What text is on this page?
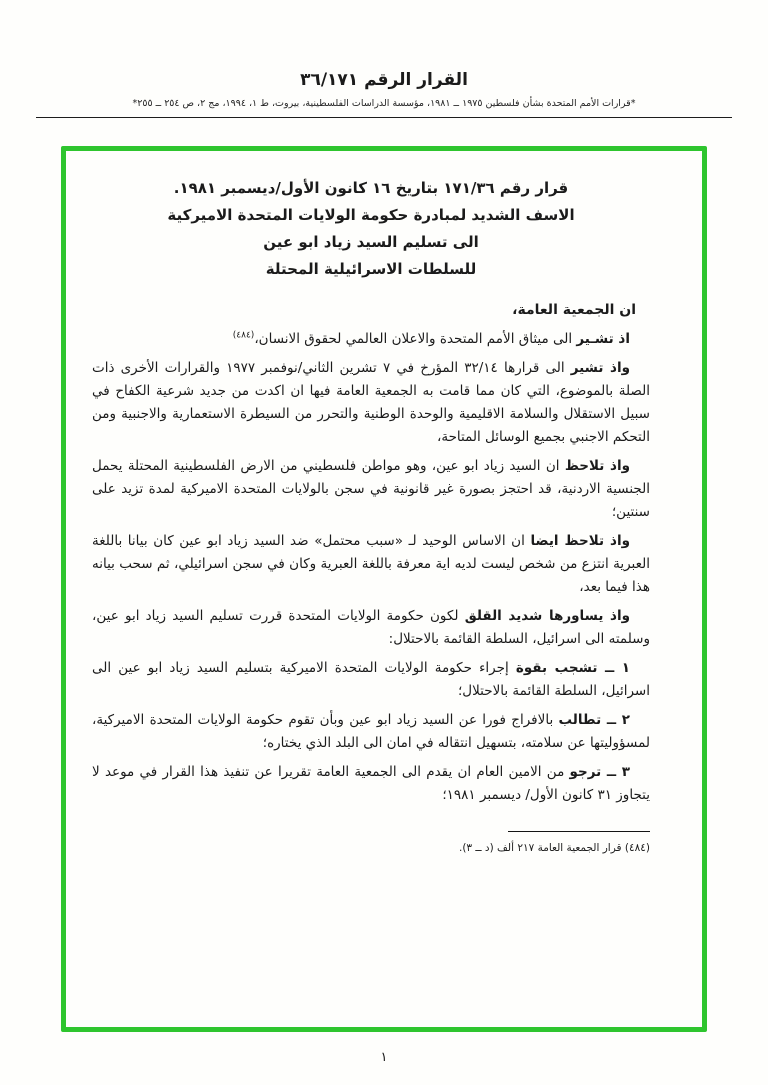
القرار الرقم ٣٦/١٧١
*قرارات الأمم المتحدة بشأن فلسطين ١٩٧٥ ــ ١٩٨١، مؤسسة الدراسات الفلسطينية، بيروت، ط ١، ١٩٩٤، مج ٢، ص ٢٥٤ ــ ٢٥٥*
قرار رقم ١٧١/٣٦ بتاريخ ١٦ كانون الأول/ديسمبر ١٩٨١.
الاسف الشديد لمبادرة حكومة الولايات المتحدة الاميركية
الى تسليم السيد زياد ابو عين
للسلطات الاسرائيلية المحتلة

ان الجمعية العامة،

اذ تشـير الى ميثاق الأمم المتحدة والاعلان العالمي لحقوق الانسان،$^{(٤٨٤)}$

واذ تشير الى قرارها ٣٢/١٤ المؤرخ في ٧ تشرين الثاني/نوفمبر ١٩٧٧ والقرارات الأخرى ذات الصلة بالموضوع، التي كان مما قامت به الجمعية العامة فيها ان اكدت من جديد شرعية الكفاح في سبيل الاستقلال والسلامة الاقليمية والوحدة الوطنية والتحرر من السيطرة الاستعمارية والاجنبية ومن التحكم الاجنبي بجميع الوسائل المتاحة،

واذ تلاحظ ان السيد زياد ابو عين، وهو مواطن فلسطيني من الارض الفلسطينية المحتلة يحمل الجنسية الاردنية، قد احتجز بصورة غير قانونية في سجن بالولايات المتحدة الاميركية لمدة تزيد على سنتين؛

واذ تلاحظ ايضا ان الاساس الوحيد لـ «سبب محتمل» ضد السيد زياد ابو عين كان بيانا باللغة العبرية انتزع من شخص ليست لديه اية معرفة باللغة العبرية وكان في سجن اسرائيلي، ثم سحب بيانه هذا فيما بعد،

واذ يساورها شديد القلق لكون حكومة الولايات المتحدة قررت تسليم السيد زياد ابو عين، وسلمته الى اسرائيل، السلطة القائمة بالاحتلال:

١ ــ تشجب بقوة إجراء حكومة الولايات المتحدة الاميركية بتسليم السيد زياد ابو عين الى اسرائيل، السلطة القائمة بالاحتلال؛

٢ ــ تطالب بالافراج فورا عن السيد زياد ابو عين وبأن تقوم حكومة الولايات المتحدة الاميركية، لمسؤوليتها عن سلامته، بتسهيل انتقاله في امان الى البلد الذي يختاره؛

٣ ــ ترجو من الامين العام ان يقدم الى الجمعية العامة تقريرا عن تنفيذ هذا القرار في موعد لا يتجاوز ٣١ كانون الأول/ ديسمبر ١٩٨١؛

(٤٨٤) قرار الجمعية العامة ٢١٧ ألف (د ــ ٣).
١
